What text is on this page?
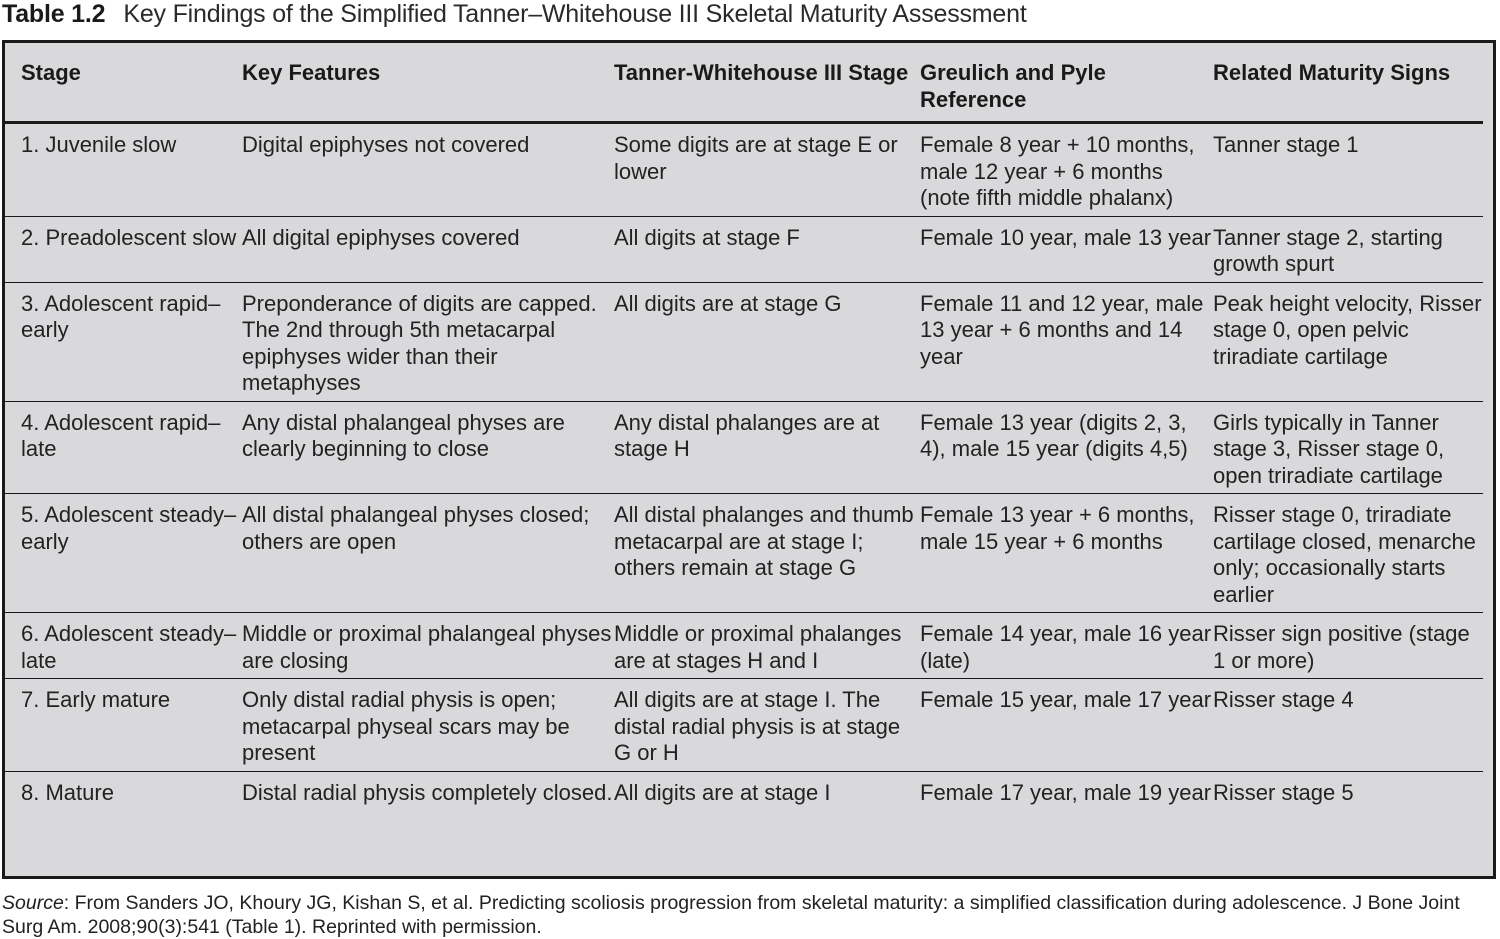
Table 1.2 Key Findings of the Simplified Tanner–Whitehouse III Skeletal Maturity Assessment
Stage	Key Features	Tanner-Whitehouse III Stage	Greulich and Pyle Reference	Related Maturity Signs
1. Juvenile slow	Digital epiphyses not covered	Some digits are at stage E or lower	Female 8 year + 10 months, male 12 year + 6 months (note fifth middle phalanx)	Tanner stage 1
2. Preadolescent slow	All digital epiphyses covered	All digits at stage F	Female 10 year, male 13 year	Tanner stage 2, starting growth spurt
3. Adolescent rapid–early	Preponderance of digits are capped. The 2nd through 5th metacarpal epiphyses wider than their metaphyses	All digits are at stage G	Female 11 and 12 year, male 13 year + 6 months and 14 year	Peak height velocity, Risser stage 0, open pelvic triradiate cartilage
4. Adolescent rapid–late	Any distal phalangeal physes are clearly beginning to close	Any distal phalanges are at stage H	Female 13 year (digits 2, 3, 4), male 15 year (digits 4,5)	Girls typically in Tanner stage 3, Risser stage 0, open triradiate cartilage
5. Adolescent steady–early	All distal phalangeal physes closed; others are open	All distal phalanges and thumb metacarpal are at stage I; others remain at stage G	Female 13 year + 6 months, male 15 year + 6 months	Risser stage 0, triradiate cartilage closed, menarche only; occasionally starts earlier
6. Adolescent steady–late	Middle or proximal phalangeal physes are closing	Middle or proximal phalanges are at stages H and I	Female 14 year, male 16 year (late)	Risser sign positive (stage 1 or more)
7. Early mature	Only distal radial physis is open; metacarpal physeal scars may be present	All digits are at stage I. The distal radial physis is at stage G or H	Female 15 year, male 17 year	Risser stage 4
8. Mature	Distal radial physis completely closed.	All digits are at stage I	Female 17 year, male 19 year	Risser stage 5
Source: From Sanders JO, Khoury JG, Kishan S, et al. Predicting scoliosis progression from skeletal maturity: a simplified classification during adolescence. J Bone Joint Surg Am. 2008;90(3):541 (Table 1). Reprinted with permission.
